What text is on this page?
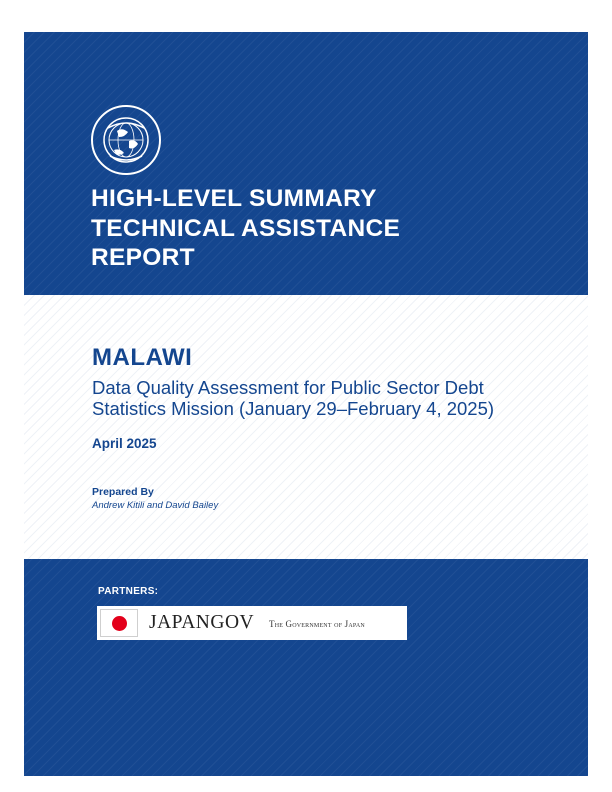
HIGH-LEVEL SUMMARY
TECHNICAL ASSISTANCE
REPORT
MALAWI
Data Quality Assessment for Public Sector Debt
Statistics Mission (January 29–February 4, 2025)
April 2025
Prepared By
Andrew Kitili and David Bailey
PARTNERS:
JAPANGOV The Government of Japan
